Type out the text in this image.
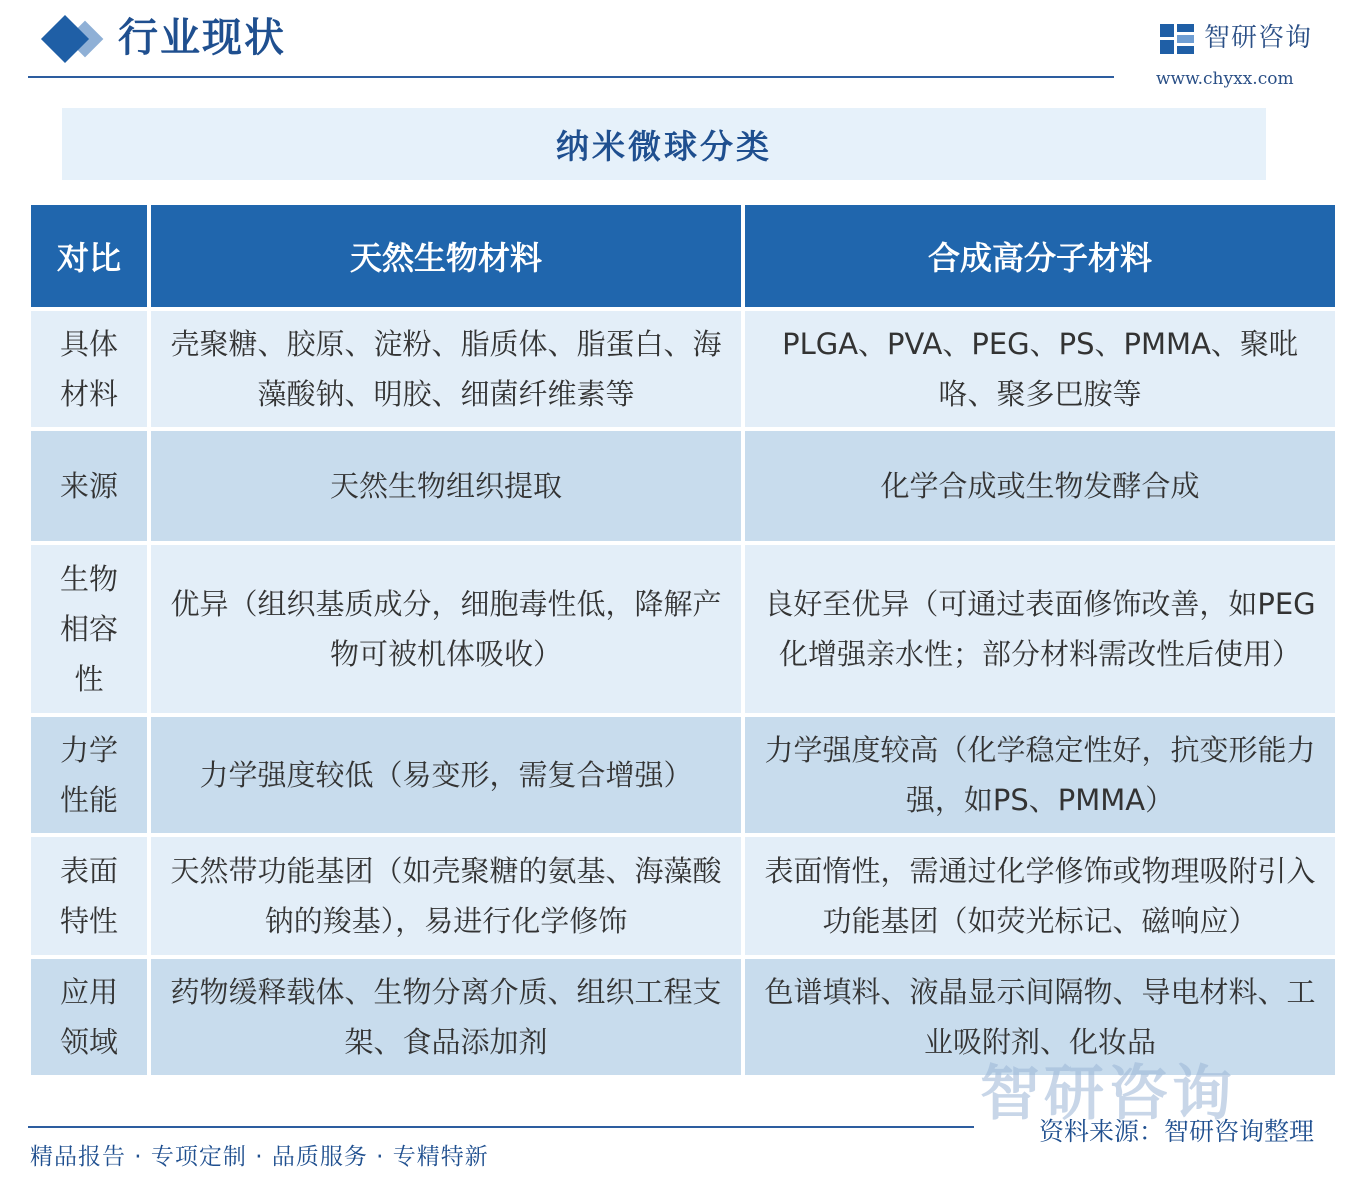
行业现状	智研咨询
www.chyxx.com
纳米微球分类
对比	天然生物材料	合成高分子材料

具体
材料	壳聚糖、胶原、淀粉、脂质体、脂蛋白、海藻酸钠、明胶、细菌纤维素等	PLGA、PVA、PEG、PS、PMMA、聚吡咯、聚多巴胺等

来源	天然生物组织提取	化学合成或生物发酵合成

生物
相容
性	优异（组织基质成分，细胞毒性低，降解产物可被机体吸收）	良好至优异（可通过表面修饰改善，如PEG化增强亲水性；部分材料需改性后使用）

力学
性能	力学强度较低（易变形，需复合增强）	力学强度较高（化学稳定性好，抗变形能力强，如PS、PMMA）

表面
特性	天然带功能基团（如壳聚糖的氨基、海藻酸钠的羧基），易进行化学修饰	表面惰性，需通过化学修饰或物理吸附引入功能基团（如荧光标记、磁响应）

应用
领域	药物缓释载体、生物分离介质、组织工程支架、食品添加剂	色谱填料、液晶显示间隔物、导电材料、工业吸附剂、化妆品
智研咨询
精品报告 · 专项定制 · 品质服务 · 专精特新
资料来源：智研咨询整理
